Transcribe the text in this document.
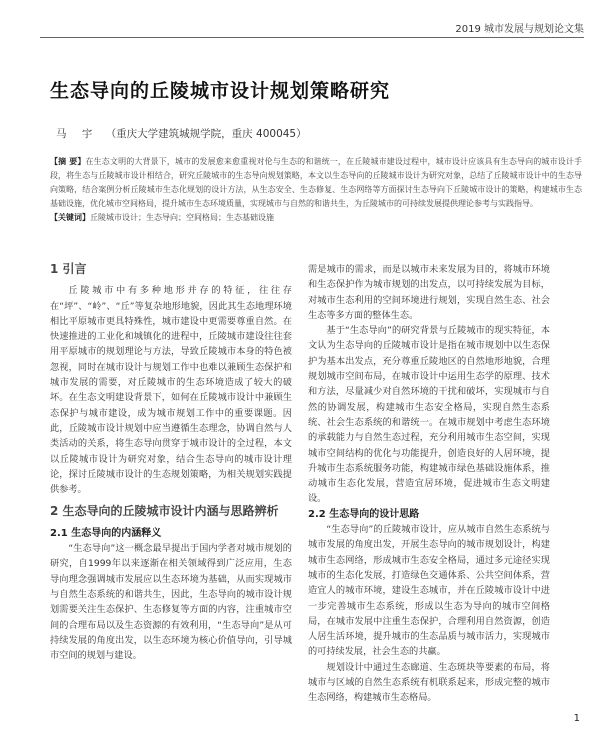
2019 城市发展与规划论文集
生态导向的丘陵城市设计规划策略研究
马 宇 （重庆大学建筑城规学院，重庆 400045）
【摘 要】在生态文明的大背景下，城市的发展愈来愈重视对伦与生态的和谐统一，在丘陵城市建设过程中，城市设计应该具有生态导向的城市设计手段，将生态与丘陵城市设计相结合，研究丘陵城市的生态导向规划策略，本文以生态导向的丘陵城市设计为研究对象，总结了丘陵城市设计中的生态导向策略，结合案例分析丘陵城市生态化规划的设计方法，从生态安全、生态修复、生态网络等方面探讨生态导向下丘陵城市设计的策略，构建城市生态基础设施，优化城市空间格局，提升城市生态环境质量，实现城市与自然的和谐共生，为丘陵城市的可持续发展提供理论参考与实践指导。
【关键词】丘陵城市设计；生态导向；空间格局；生态基础设施
1 引言

丘陵城市中有多种地形并存的特征，往往存在“坪”、“岭”、“丘”等复杂地形地貌，因此其生态地理环境相比平原城市更具特殊性，城市建设中更需要尊重自然。在快速推进的工业化和城镇化的进程中，丘陵城市建设往往套用平原城市的规划理论与方法，导致丘陵城市本身的特色被忽视，同时在城市设计与规划工作中也难以兼顾生态保护和城市发展的需要，对丘陵城市的生态环境造成了较大的破坏。在生态文明建设背景下，如何在丘陵城市设计中兼顾生态保护与城市建设，成为城市规划工作中的重要课题。因此，丘陵城市设计规划中应当遵循生态理念，协调自然与人类活动的关系，将生态导向贯穿于城市设计的全过程，本文以丘陵城市设计为研究对象，结合生态导向的城市设计理论，探讨丘陵城市设计的生态规划策略，为相关规划实践提供参考。

2 生态导向的丘陵城市设计内涵与思路辨析
2.1 生态导向的内涵释义

“生态导向”这一概念最早提出于国内学者对城市规划的研究，自1999年以来逐渐在相关领域得到广泛应用，生态导向理念强调城市发展应以生态环境为基础，从而实现城市与自然生态系统的和谐共生，因此，生态导向的城市设计规划需要关注生态保护、生态修复等方面的内容，注重城市空间的合理布局以及生态资源的有效利用，“生态导向”是从可持续发展的角度出发，以生态环境为核心价值导向，引导城市空间的规划与建设。

需是城市的需求，而是以城市未来发展为目的，将城市环境和生态保护作为城市规划的出发点，以可持续发展为目标，对城市生态利用的空间环境进行规划，实现自然生态、社会生态等多方面的整体生态。

基于“生态导向”的研究背景与丘陵城市的现实特征，本文认为生态导向的丘陵城市设计是指在城市规划中以生态保护为基本出发点，充分尊重丘陵地区的自然地形地貌，合理规划城市空间布局，在城市设计中运用生态学的原理、技术和方法，尽量减少对自然环境的干扰和破坏，实现城市与自然的协调发展，构建城市生态安全格局，实现自然生态系统、社会生态系统的和谐统一。在城市规划中考虑生态环境的承载能力与自然生态过程，充分利用城市生态空间，实现城市空间结构的优化与功能提升，创造良好的人居环境，提升城市生态系统服务功能，构建城市绿色基础设施体系，推动城市生态化发展，营造宜居环境，促进城市生态文明建设。

2.2 生态导向的设计思路

“生态导向”的丘陵城市设计，应从城市自然生态系统与城市发展的角度出发，开展生态导向的城市规划设计，构建城市生态网络，形成城市生态安全格局，通过多元途径实现城市的生态化发展，打造绿色交通体系、公共空间体系，营造宜人的城市环境，建设生态城市，并在丘陵城市设计中进一步完善城市生态系统，形成以生态为导向的城市空间格局，在城市发展中注重生态保护，合理利用自然资源，创造人居生活环境，提升城市的生态品质与城市活力，实现城市的可持续发展，社会生态的共赢。

规划设计中通过生态廊道、生态斑块等要素的布局，将城市与区域的自然生态系统有机联系起来，形成完整的城市生态网络，构建城市生态格局。

1
